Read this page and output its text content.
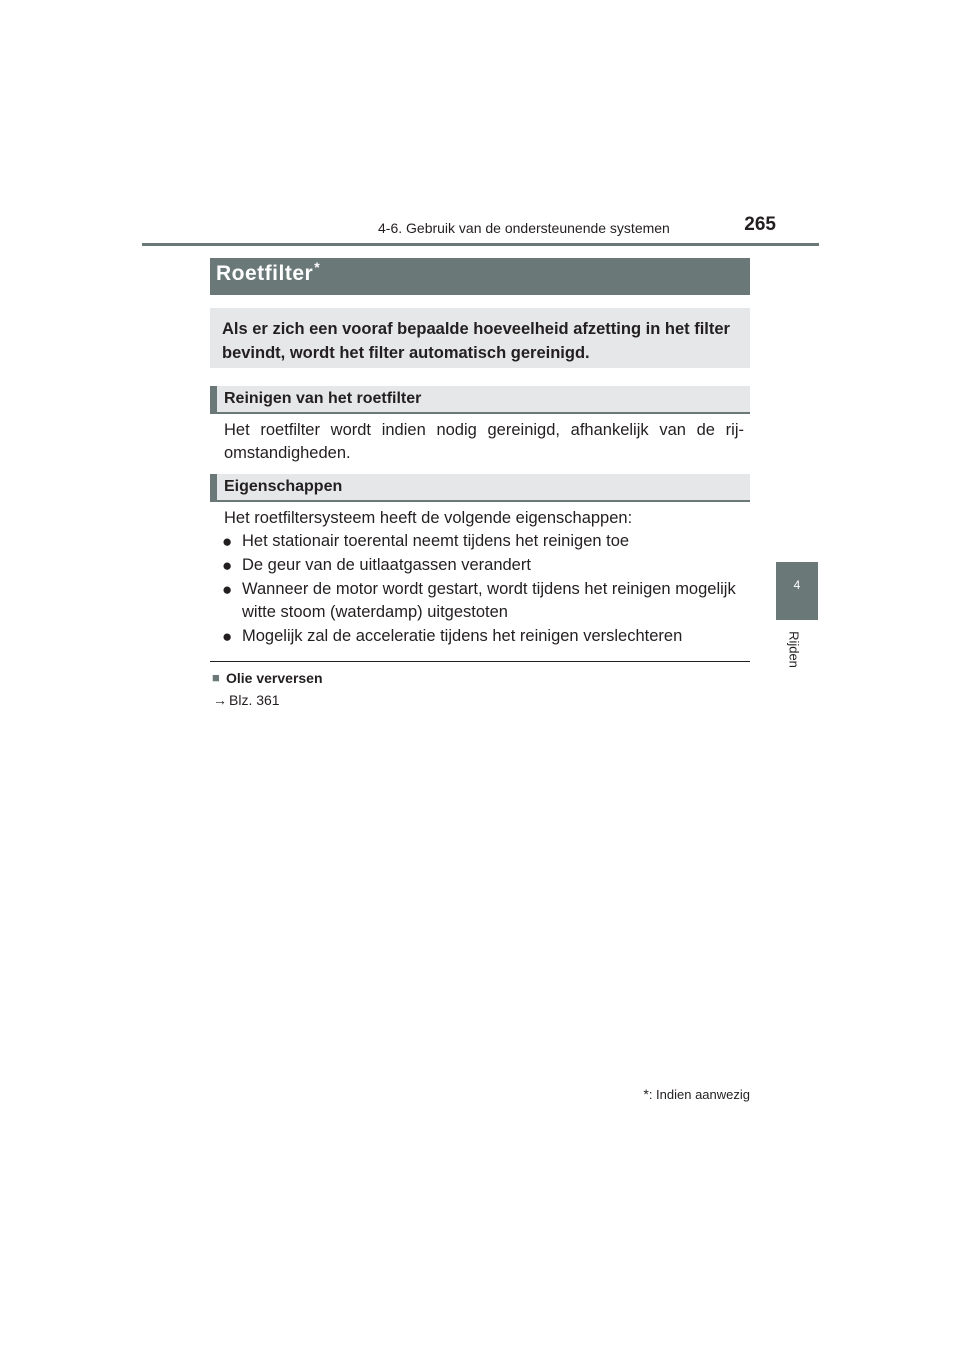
4-6. Gebruik van de ondersteunende systemen	265
4
Rijden
Roetfilter*
Als er zich een vooraf bepaalde hoeveelheid afzetting in het filter bevindt, wordt het filter automatisch gereinigd.
Reinigen van het roetfilter
Het roetfilter wordt indien nodig gereinigd, afhankelijk van de rij-omstandigheden.
Eigenschappen
Het roetfiltersysteem heeft de volgende eigenschappen:
● Het stationair toerental neemt tijdens het reinigen toe
● De geur van de uitlaatgassen verandert
● Wanneer de motor wordt gestart, wordt tijdens het reinigen mogelijk witte stoom (waterdamp) uitgestoten
● Mogelijk zal de acceleratie tijdens het reinigen verslechteren
■ Olie verversen
→ Blz. 361
*: Indien aanwezig
